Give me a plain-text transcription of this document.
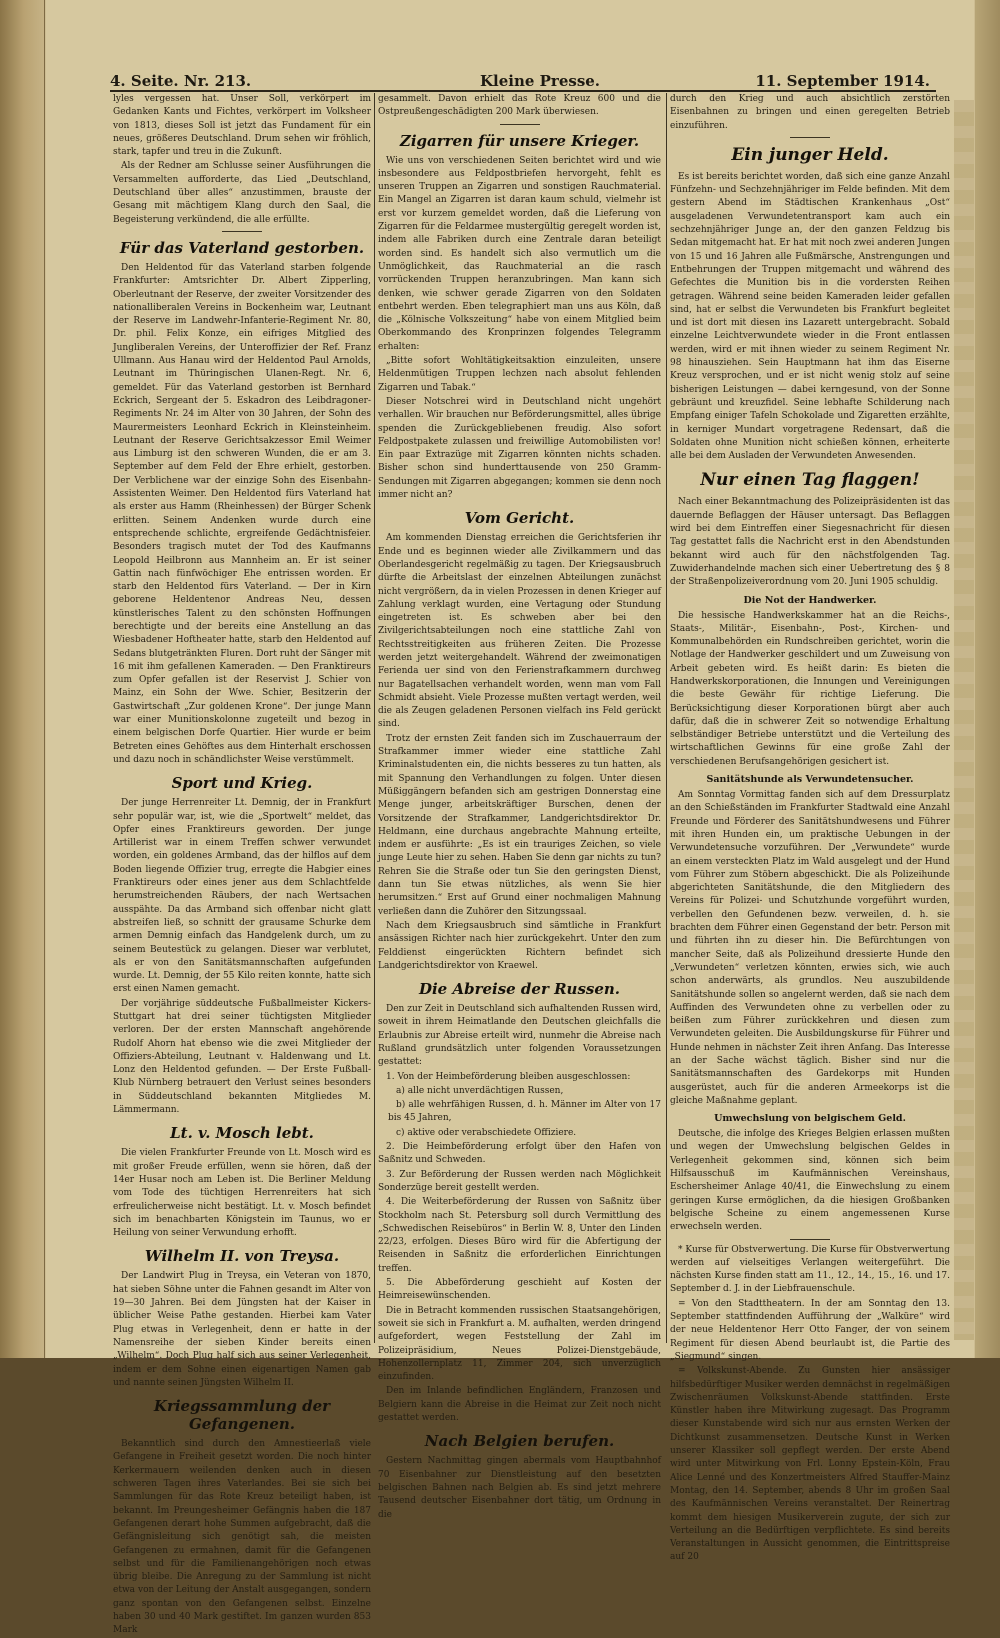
4. Seite. Nr. 213.	Kleine Presse.	11. September 1914.

lyles vergessen hat. Unser Soll, verkörpert im Gedanken Kants und Fichtes, verkörpert im Volksheer von 1813, dieses Soll ist jetzt das Fundament für ein neues, größeres Deutschland. Drum sehen wir fröhlich, stark, tapfer und treu in die Zukunft.

Als der Redner am Schlusse seiner Ausführungen die Versammelten aufforderte, das Lied „Deutschland, Deutschland über alles“ anzustimmen, brauste der Gesang mit mächtigem Klang durch den Saal, die Begeisterung verkündend, die alle erfüllte.

Für das Vaterland gestorben.

Den Heldentod für das Vaterland starben folgende Frankfurter: Amtsrichter Dr. Albert Zipperling, Oberleutnant der Reserve, der zweiter Vorsitzender des nationalliberalen Vereins in Bockenheim war, Leutnant der Reserve im Landwehr-Infanterie-Regiment Nr. 80, Dr. phil. Felix Konze, ein eifriges Mitglied des Jungliberalen Vereins, der Unteroffizier der Ref. Franz Ullmann. Aus Hanau wird der Heldentod Paul Arnolds, Leutnant im Thüringischen Ulanen-Regt. Nr. 6, gemeldet. Für das Vaterland gestorben ist Bernhard Eckrich, Sergeant der 5. Eskadron des Leibdragoner-Regiments Nr. 24 im Alter von 30 Jahren, der Sohn des Maurermeisters Leonhard Eckrich in Kleinsteinheim. Leutnant der Reserve Gerichtsakzessor Emil Weimer aus Limburg ist den schweren Wunden, die er am 3. September auf dem Feld der Ehre erhielt, gestorben. Der Verblichene war der einzige Sohn des Eisenbahn-Assistenten Weimer. Den Heldentod fürs Vaterland hat als erster aus Hamm (Rheinhessen) der Bürger Schenk erlitten. Seinem Andenken wurde durch eine entsprechende schlichte, ergreifende Gedächtnisfeier. Besonders tragisch mutet der Tod des Kaufmanns Leopold Heilbronn aus Mannheim an. Er ist seiner Gattin nach fünfwöchiger Ehe entrissen worden. Er starb den Heldentod fürs Vaterland. — Der in Kirn geborene Heldentenor Andreas Neu, dessen künstlerisches Talent zu den schönsten Hoffnungen berechtigte und der bereits eine Anstellung an das Wiesbadener Hoftheater hatte, starb den Heldentod auf Sedans blutgetränkten Fluren. Dort ruht der Sänger mit 16 mit ihm gefallenen Kameraden. — Den Franktireurs zum Opfer gefallen ist der Reservist J. Schier von Mainz, ein Sohn der Wwe. Schier, Besitzerin der Gastwirtschaft „Zur goldenen Krone“. Der junge Mann war einer Munitionskolonne zugeteilt und bezog in einem belgischen Dorfe Quartier. Hier wurde er beim Betreten eines Gehöftes aus dem Hinterhalt erschossen und dazu noch in schändlichster Weise verstümmelt.

Sport und Krieg.

Der junge Herrenreiter Lt. Demnig, der in Frankfurt sehr populär war, ist, wie die „Sportwelt“ meldet, das Opfer eines Franktireurs geworden. Der junge Artillerist war in einem Treffen schwer verwundet worden, ein goldenes Armband, das der hilflos auf dem Boden liegende Offizier trug, erregte die Habgier eines Franktireurs oder eines jener aus dem Schlachtfelde herumstreichenden Räubers, der nach Wertsachen ausspähte. Da das Armband sich offenbar nicht glatt abstreifen ließ, so schnitt der grausame Schurke dem armen Demnig einfach das Handgelenk durch, um zu seinem Beutestück zu gelangen. Dieser war verblutet, als er von den Sanitätsmannschaften aufgefunden wurde. Lt. Demnig, der 55 Kilo reiten konnte, hatte sich erst einen Namen gemacht.

Der vorjährige süddeutsche Fußballmeister Kickers-Stuttgart hat drei seiner tüchtigsten Mitglieder verloren. Der der ersten Mannschaft angehörende Rudolf Ahorn hat ebenso wie die zwei Mitglieder der Offiziers-Abteilung, Leutnant v. Haldenwang und Lt. Lonz den Heldentod gefunden. — Der Erste Fußball-Klub Nürnberg betrauert den Verlust seines besonders in Süddeutschland bekannten Mitgliedes M. Lämmermann.

Lt. v. Mosch lebt.

Die vielen Frankfurter Freunde von Lt. Mosch wird es mit großer Freude erfüllen, wenn sie hören, daß der 14er Husar noch am Leben ist. Die Berliner Meldung vom Tode des tüchtigen Herrenreiters hat sich erfreulicherweise nicht bestätigt. Lt. v. Mosch befindet sich im benachbarten Königstein im Taunus, wo er Heilung von seiner Verwundung erhofft.

Wilhelm II. von Treysa.

Der Landwirt Plug in Treysa, ein Veteran von 1870, hat sieben Söhne unter die Fahnen gesandt im Alter von 19—30 Jahren. Bei dem Jüngsten hat der Kaiser in üblicher Weise Pathe gestanden. Hierbei kam Vater Plug etwas in Verlegenheit, denn er hatte in der Namensreihe der sieben Kinder bereits einen „Wilhelm“. Doch Plug half sich aus seiner Verlegenheit, indem er dem Sohne einen eigenartigen Namen gab und nannte seinen Jüngsten Wilhelm II.

Kriegssammlung der Gefangenen.

Bekanntlich sind durch den Amnestieerlaß viele Gefangene in Freiheit gesetzt worden. Die noch hinter Kerkermauern weilenden denken auch in diesen schweren Tagen ihres Vaterlandes. Bei sie sich bei Sammlungen für das Rote Kreuz beteiligt haben, ist bekannt. Im Preungesheimer Gefängnis haben die 187 Gefangenen derart hohe Summen aufgebracht, daß die Gefängnisleitung sich genötigt sah, die meisten Gefangenen zu ermahnen, damit für die Gefangenen selbst und für die Familienangehörigen noch etwas übrig bleibe. Die Anregung zu der Sammlung ist nicht etwa von der Leitung der Anstalt ausgegangen, sondern ganz spontan von den Gefangenen selbst. Einzelne haben 30 und 40 Mark gestiftet. Im ganzen wurden 853 Mark

gesammelt. Davon erhielt das Rote Kreuz 600 und die Ostpreußengeschädigten 200 Mark überwiesen.

Zigarren für unsere Krieger.

Wie uns von verschiedenen Seiten berichtet wird und wie insbesondere aus Feldpostbriefen hervorgeht, fehlt es unseren Truppen an Zigarren und sonstigen Rauchmaterial. Ein Mangel an Zigarren ist daran kaum schuld, vielmehr ist erst vor kurzem gemeldet worden, daß die Lieferung von Zigarren für die Feldarmee mustergültig geregelt worden ist, indem alle Fabriken durch eine Zentrale daran beteiligt worden sind. Es handelt sich also vermutlich um die Unmöglichkeit, das Rauchmaterial an die rasch vorrückenden Truppen heranzubringen. Man kann sich denken, wie schwer gerade Zigarren von den Soldaten entbehrt werden. Eben telegraphiert man uns aus Köln, daß die „Kölnische Volkszeitung“ habe von einem Mitglied beim Oberkommando des Kronprinzen folgendes Telegramm erhalten:

„Bitte sofort Wohltätigkeitsaktion einzuleiten, unsere Heldenmütigen Truppen lechzen nach absolut fehlenden Zigarren und Tabak.“

Dieser Notschrei wird in Deutschland nicht ungehört verhallen. Wir brauchen nur Beförderungsmittel, alles übrige spenden die Zurückgebliebenen freudig. Also sofort Feldpostpakete zulassen und freiwillige Automobilisten vor! Ein paar Extrazüge mit Zigarren könnten nichts schaden. Bisher schon sind hunderttausende von 250 Gramm-Sendungen mit Zigarren abgegangen; kommen sie denn noch immer nicht an?

Vom Gericht.

Am kommenden Dienstag erreichen die Gerichtsferien ihr Ende und es beginnen wieder alle Zivilkammern und das Oberlandesgericht regelmäßig zu tagen. Der Kriegsausbruch dürfte die Arbeitslast der einzelnen Abteilungen zunächst nicht vergrößern, da in vielen Prozessen in denen Krieger auf Zahlung verklagt wurden, eine Vertagung oder Stundung eingetreten ist. Es schweben aber bei den Zivilgerichtsabteilungen noch eine stattliche Zahl von Rechtsstreitigkeiten aus früheren Zeiten. Die Prozesse werden jetzt weitergehandelt. Während der zweimonatigen Ferienda uer sind von den Ferienstrafkammern durchweg nur Bagatellsachen verhandelt worden, wenn man vom Fall Schmidt absieht. Viele Prozesse mußten vertagt werden, weil die als Zeugen geladenen Personen vielfach ins Feld gerückt sind.

Trotz der ernsten Zeit fanden sich im Zuschauerraum der Strafkammer immer wieder eine stattliche Zahl Kriminalstudenten ein, die nichts besseres zu tun hatten, als mit Spannung den Verhandlungen zu folgen. Unter diesen Müßiggängern befanden sich am gestrigen Donnerstag eine Menge junger, arbeitskräftiger Burschen, denen der Vorsitzende der Strafkammer, Landgerichtsdirektor Dr. Heldmann, eine durchaus angebrachte Mahnung erteilte, indem er ausführte: „Es ist ein trauriges Zeichen, so viele junge Leute hier zu sehen. Haben Sie denn gar nichts zu tun? Rehren Sie die Straße oder tun Sie den geringsten Dienst, dann tun Sie etwas nützliches, als wenn Sie hier herumsitzen.“ Erst auf Grund einer nochmaligen Mahnung verließen dann die Zuhörer den Sitzungssaal.

Nach dem Kriegsausbruch sind sämtliche in Frankfurt ansässigen Richter nach hier zurückgekehrt. Unter den zum Felddienst eingerückten Richtern befindet sich Landgerichtsdirektor von Kraewel.

Die Abreise der Russen.

Den zur Zeit in Deutschland sich aufhaltenden Russen wird, soweit in ihrem Heimatlande den Deutschen gleichfalls die Erlaubnis zur Abreise erteilt wird, nunmehr die Abreise nach Rußland grundsätzlich unter folgenden Voraussetzungen gestattet:

1. Von der Heimbeförderung bleiben ausgeschlossen:

a) alle nicht unverdächtigen Russen,

b) alle wehrfähigen Russen, d. h. Männer im Alter von 17 bis 45 Jahren,

c) aktive oder verabschiedete Offiziere.

2. Die Heimbeförderung erfolgt über den Hafen von Saßnitz und Schweden.

3. Zur Beförderung der Russen werden nach Möglichkeit Sonderzüge bereit gestellt werden.

4. Die Weiterbeförderung der Russen von Saßnitz über Stockholm nach St. Petersburg soll durch Vermittlung des „Schwedischen Reisebüros“ in Berlin W. 8, Unter den Linden 22/23, erfolgen. Dieses Büro wird für die Abfertigung der Reisenden in Saßnitz die erforderlichen Einrichtungen treffen.

5. Die Abbeförderung geschieht auf Kosten der Heimreisewünschenden.

Die in Betracht kommenden russischen Staatsangehörigen, soweit sie sich in Frankfurt a. M. aufhalten, werden dringend aufgefordert, wegen Feststellung der Zahl im Polizeipräsidium, Neues Polizei-Dienstgebäude, Hohenzollernplatz 11, Zimmer 204, sich unverzüglich einzufinden.

Den im Inlande befindlichen Engländern, Franzosen und Belgiern kann die Abreise in die Heimat zur Zeit noch nicht gestattet werden.

Nach Belgien berufen.

Gestern Nachmittag gingen abermals vom Hauptbahnhof 70 Eisenbahner zur Dienstleistung auf den besetzten belgischen Bahnen nach Belgien ab. Es sind jetzt mehrere Tausend deutscher Eisenbahner dort tätig, um Ordnung in die

durch den Krieg und auch absichtlich zerstörten Eisenbahnen zu bringen und einen geregelten Betrieb einzuführen.

Ein junger Held.

Es ist bereits berichtet worden, daß sich eine ganze Anzahl Fünfzehn- und Sechzehnjähriger im Felde befinden. Mit dem gestern Abend im Städtischen Krankenhaus „Ost“ ausgeladenen Verwundetentransport kam auch ein sechzehnjähriger Junge an, der den ganzen Feldzug bis Sedan mitgemacht hat. Er hat mit noch zwei anderen Jungen von 15 und 16 Jahren alle Fußmärsche, Anstrengungen und Entbehrungen der Truppen mitgemacht und während des Gefechtes die Munition bis in die vordersten Reihen getragen. Während seine beiden Kameraden leider gefallen sind, hat er selbst die Verwundeten bis Frankfurt begleitet und ist dort mit diesen ins Lazarett untergebracht. Sobald einzelne Leichtverwundete wieder in die Front entlassen werden, wird er mit ihnen wieder zu seinem Regiment Nr. 98 hinausziehen. Sein Hauptmann hat ihm das Eiserne Kreuz versprochen, und er ist nicht wenig stolz auf seine bisherigen Leistungen — dabei kerngesund, von der Sonne gebräunt und kreuzfidel. Seine lebhafte Schilderung nach Empfang einiger Tafeln Schokolade und Zigaretten erzählte, in kerniger Mundart vorgetragene Redensart, daß die Soldaten ohne Munition nicht schießen können, erheiterte alle bei dem Ausladen der Verwundeten Anwesenden.

Nur einen Tag flaggen!

Nach einer Bekanntmachung des Polizeipräsidenten ist das dauernde Beflaggen der Häuser untersagt. Das Beflaggen wird bei dem Eintreffen einer Siegesnachricht für diesen Tag gestattet falls die Nachricht erst in den Abendstunden bekannt wird auch für den nächstfolgenden Tag. Zuwiderhandelnde machen sich einer Uebertretung des § 8 der Straßenpolizeiverordnung vom 20. Juni 1905 schuldig.

Die Not der Handwerker.

Die hessische Handwerkskammer hat an die Reichs-, Staats-, Militär-, Eisenbahn-, Post-, Kirchen- und Kommunalbehörden ein Rundschreiben gerichtet, worin die Notlage der Handwerker geschildert und um Zuweisung von Arbeit gebeten wird. Es heißt darin: Es bieten die Handwerkskorporationen, die Innungen und Vereinigungen die beste Gewähr für richtige Lieferung. Die Berücksichtigung dieser Korporationen bürgt aber auch dafür, daß die in schwerer Zeit so notwendige Erhaltung selbständiger Betriebe unterstützt und die Verteilung des wirtschaftlichen Gewinns für eine große Zahl der verschiedenen Berufsangehörigen gesichert ist.

Sanitätshunde als Verwundetensucher.

Am Sonntag Vormittag fanden sich auf dem Dressurplatz an den Schießständen im Frankfurter Stadtwald eine Anzahl Freunde und Förderer des Sanitätshundwesens und Führer mit ihren Hunden ein, um praktische Uebungen in der Verwundetensuche vorzuführen. Der „Verwundete“ wurde an einem versteckten Platz im Wald ausgelegt und der Hund vom Führer zum Stöbern abgeschickt. Die als Polizeihunde abgerichteten Sanitätshunde, die den Mitgliedern des Vereins für Polizei- und Schutzhunde vorgeführt wurden, verbellen den Gefundenen bezw. verweilen, d. h. sie brachten dem Führer einen Gegenstand der betr. Person mit und führten ihn zu dieser hin. Die Befürchtungen von mancher Seite, daß als Polizeihund dressierte Hunde den „Verwundeten“ verletzen könnten, erwies sich, wie auch schon anderwärts, als grundlos. Neu auszubildende Sanitätshunde sollen so angelernt werden, daß sie nach dem Auffinden des Verwundeten ohne zu verbellen oder zu beißen zum Führer zurückkehren und diesen zum Verwundeten geleiten. Die Ausbildungskurse für Führer und Hunde nehmen in nächster Zeit ihren Anfang. Das Interesse an der Sache wächst täglich. Bisher sind nur die Sanitätsmannschaften des Gardekorps mit Hunden ausgerüstet, auch für die anderen Armeekorps ist die gleiche Maßnahme geplant.

Umwechslung von belgischem Geld.

Deutsche, die infolge des Krieges Belgien erlassen mußten und wegen der Umwechslung belgischen Geldes in Verlegenheit gekommen sind, können sich beim Hilfsausschuß im Kaufmännischen Vereinshaus, Eschersheimer Anlage 40/41, die Einwechslung zu einem geringen Kurse ermöglichen, da die hiesigen Großbanken belgische Scheine zu einem angemessenen Kurse erwechseln werden.

* Kurse für Obstverwertung. Die Kurse für Obstverwertung werden auf vielseitiges Verlangen weitergeführt. Die nächsten Kurse finden statt am 11., 12., 14., 15., 16. und 17. September d. J. in der Liebfrauenschule.

= Von den Stadttheatern. In der am Sonntag den 13. September stattfindenden Aufführung der „Walküre“ wird der neue Heldentenor Herr Otto Fanger, der von seinem Regiment für diesen Abend beurlaubt ist, die Partie des „Siegmund“ singen.

= Volkskunst-Abende. Zu Gunsten hier ansässiger hilfsbedürftiger Musiker werden demnächst in regelmäßigen Zwischenräumen Volkskunst-Abende stattfinden. Erste Künstler haben ihre Mitwirkung zugesagt. Das Programm dieser Kunstabende wird sich nur aus ernsten Werken der Dichtkunst zusammensetzen. Deutsche Kunst in Werken unserer Klassiker soll gepflegt werden. Der erste Abend wird unter Mitwirkung von Frl. Lonny Epstein-Köln, Frau Alice Lenné und des Konzertmeisters Alfred Stauffer-Mainz Montag, den 14. September, abends 8 Uhr im großen Saal des Kaufmännischen Vereins veranstaltet. Der Reinertrag kommt dem hiesigen Musikerverein zugute, der sich zur Verteilung an die Bedürftigen verpflichtete. Es sind bereits Veranstaltungen in Aussicht genommen, die Eintrittspreise auf 20
